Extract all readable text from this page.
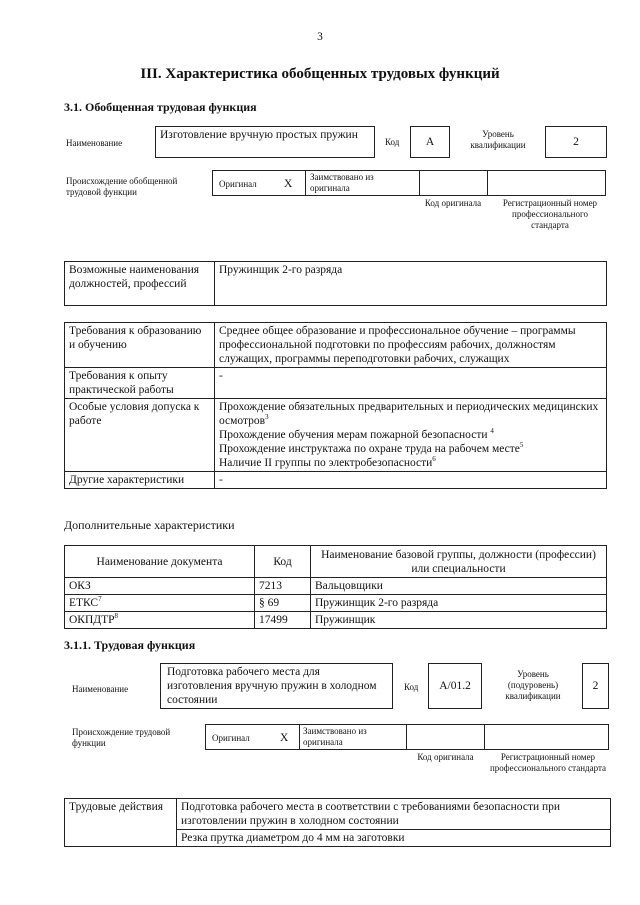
3
III. Характеристика обобщенных трудовых функций
3.1. Обобщенная трудовая функция
Наименование
Изготовление вручную простых пружин
Код	А
Уровень квалификации	2
Происхождение обобщенной трудовой функции
Оригинал X
Заимствовано из оригинала
Код оригинала	Регистрационный номер профессионального стандарта
Возможные наименования должностей, профессий	Пружинщик 2-го разряда
Требования к образованию и обучению	Среднее общее образование и профессиональное обучение – программы профессиональной подготовки по профессиям рабочих, должностям служащих, программы переподготовки рабочих, служащих
Требования к опыту практической работы	-
Особые условия допуска к работе	Прохождение обязательных предварительных и периодических медицинских осмотров$^3$
Прохождение обучения мерам пожарной безопасности $^4$
Прохождение инструктажа по охране труда на рабочем месте$^5$
Наличие II группы по электробезопасности$^6$

Другие характеристики	-
Дополнительные характеристики
Наименование документа	Код	Наименование базовой группы, должности (профессии) или специальности
ОКЗ	7213	Вальцовщики
ЕТКС$^7$	§ 69	Пружинщик 2-го разряда
ОКПДТР$^8$	17499	Пружинщик
3.1.1. Трудовая функция
Наименование
Подготовка рабочего места для изготовления вручную пружин в холодном состоянии
Код	А/01.2
Уровень (подуровень) квалификации
2
Происхождение трудовой функции	Оригинал	X
Заимствовано из оригинала
Код оригинала	Регистрационный номер профессионального стандарта
Трудовые действия	Подготовка рабочего места в соответствии с требованиями безопасности при изготовлении пружин в холодном состоянии
Резка прутка диаметром до 4 мм на заготовки
